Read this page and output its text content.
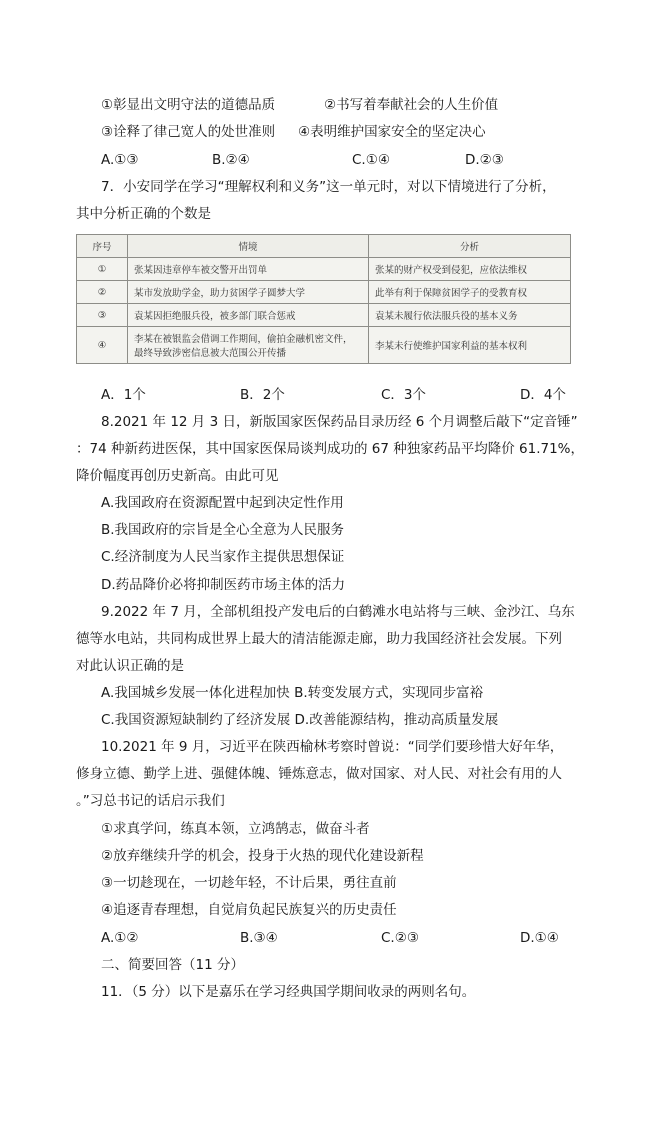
①彰显出文明守法的道德品质	②书写着奉献社会的人生价值
③诠释了律己宽人的处世准则 ④表明维护国家安全的坚定决心
A.①③	B.②④	C.①④	D.②③
7．小安同学在学习“理解权利和义务”这一单元时，对以下情境进行了分析，
其中分析正确的个数是
序号	情境	分析
①	张某因违章停车被交警开出罚单	张某的财产权受到侵犯，应依法维权
②	某市发放助学金，助力贫困学子圆梦大学	此举有利于保障贫困学子的受教育权
③	袁某因拒绝服兵役，被多部门联合惩戒	袁某未履行依法服兵役的基本义务
④	李某在被银监会借调工作期间，偷拍金融机密文件，
最终导致涉密信息被大范围公开传播	李某未行使维护国家利益的基本权利
A．1个	B．2个	C．3个	D．4个
8.2021 年 12 月 3 日，新版国家医保药品目录历经 6 个月调整后敲下“定音锤”
：74 种新药进医保，其中国家医保局谈判成功的 67 种独家药品平均降价 61.71%，
降价幅度再创历史新高。由此可见
A.我国政府在资源配置中起到决定性作用
B.我国政府的宗旨是全心全意为人民服务
C.经济制度为人民当家作主提供思想保证
D.药品降价必将抑制医药市场主体的活力
9.2022 年 7 月，全部机组投产发电后的白鹤滩水电站将与三峡、金沙江、乌东
德等水电站，共同构成世界上最大的清洁能源走廊，助力我国经济社会发展。下列
对此认识正确的是
A.我国城乡发展一体化进程加快 B.转变发展方式，实现同步富裕
C.我国资源短缺制约了经济发展 D.改善能源结构，推动高质量发展
10.2021 年 9 月，习近平在陕西榆林考察时曾说：“同学们要珍惜大好年华，
修身立德、勤学上进、强健体魄、锤炼意志，做对国家、对人民、对社会有用的人
。”习总书记的话启示我们
①求真学问，练真本领，立鸿鹄志，做奋斗者
②放弃继续升学的机会，投身于火热的现代化建设新程
③一切趁现在，一切趁年轻，不计后果，勇往直前
④追逐青春理想，自觉肩负起民族复兴的历史责任
A.①②	B.③④	C.②③	D.①④
二、简要回答（11 分）
11．（5 分）以下是嘉乐在学习经典国学期间收录的两则名句。
